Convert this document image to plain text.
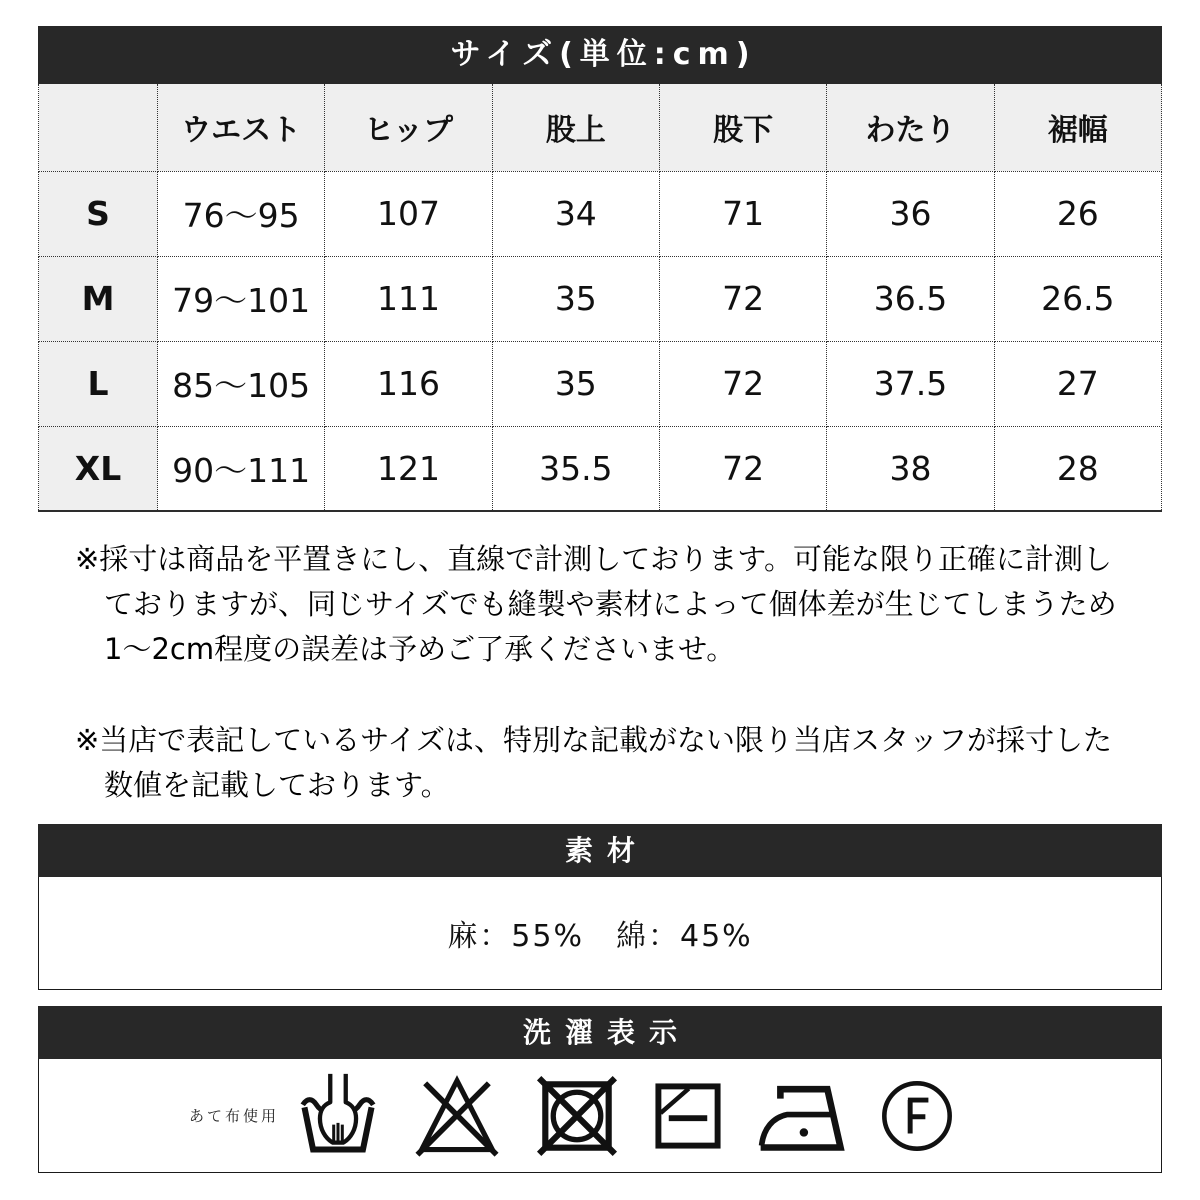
サイズ(単位:cm)
	ウエスト	ヒップ	股上	股下	わたり	裾幅
S	76〜95	107	34	71	36	26
M	79〜101	111	35	72	36.5	26.5
L	85〜105	116	35	72	37.5	27
XL	90〜111	121	35.5	72	38	28

※採寸は商品を平置きにし、直線で計測しております。可能な限り正確に計測し
ておりますが、同じサイズでも縫製や素材によって個体差が生じてしまうため
1〜2cm程度の誤差は予めご了承くださいませ。

※当店で表記しているサイズは、特別な記載がない限り当店スタッフが採寸した
数値を記載しております。

素材
麻：55%　綿：45%
洗濯表示
あて布使用
